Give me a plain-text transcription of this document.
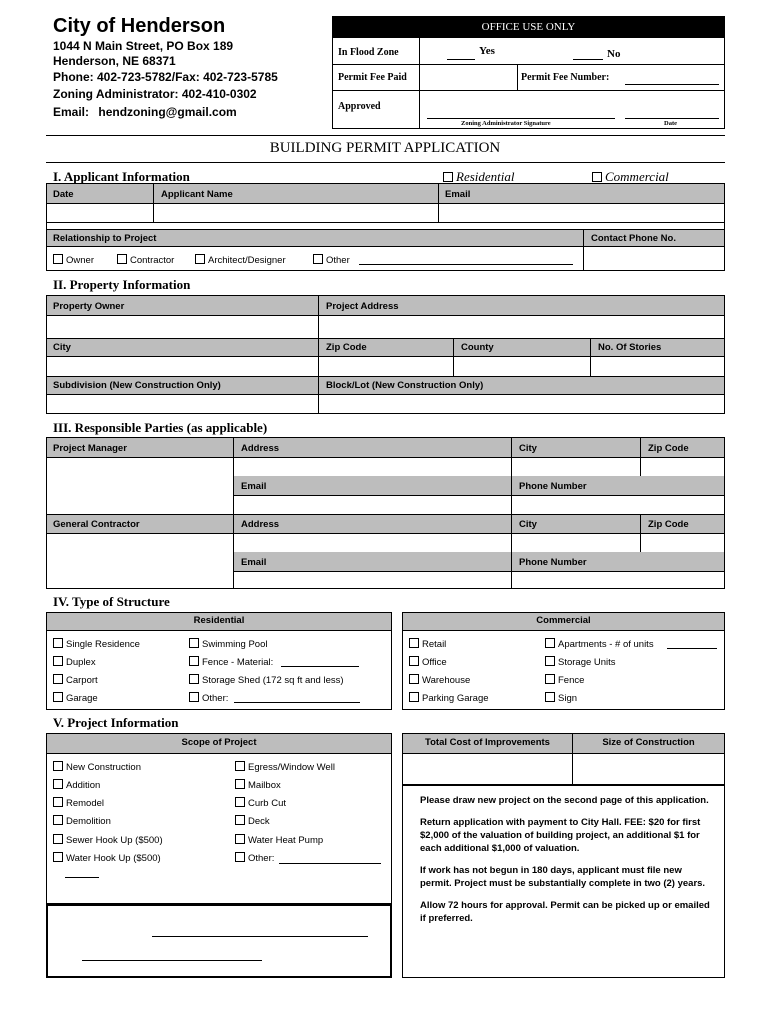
City of Henderson
1044 N Main Street, PO Box 189
Henderson, NE 68371
Phone: 402-723-5782/Fax: 402-723-5785
Zoning Administrator: 402-410-0302
Email: hendzoning@gmail.com
OFFICE USE ONLY
In Flood Zone	Yes	No
Permit Fee Paid	Permit Fee Number:
Approved
Zoning Administrator Signature	Date
BUILDING PERMIT APPLICATION
I. Applicant Information	Residential	Commercial
Date	Applicant Name	Email
Relationship to Project	Contact Phone No.
Owner	Contractor	Architect/Designer	Other
II. Property Information
Property Owner	Project Address
City	Zip Code	County	No. Of Stories
Subdivision (New Construction Only)	Block/Lot (New Construction Only)
III. Responsible Parties (as applicable)
Project Manager	Address	City	Zip Code
Email	Phone Number
General Contractor	Address	City	Zip Code
Email	Phone Number
IV. Type of Structure
Residential
Single Residence
Duplex
Carport
Garage
Swimming Pool
Fence - Material:
Storage Shed (172 sq ft and less)
Other:
Commercial
Retail
Office
Warehouse
Parking Garage
Apartments - # of units
Storage Units
Fence
Sign
V. Project Information
Scope of Project
New Construction
Addition
Remodel
Demolition
Sewer Hook Up ($500)
Water Hook Up ($500)
Egress/Window Well
Mailbox
Curb Cut
Deck
Water Heat Pump
Other:
Total Cost of Improvements	Size of Construction
Please draw new project on the second page of this application.
Return application with payment to City Hall. FEE: $20 for first $2,000 of the valuation of building project, an additional $1 for each additional $1,000 of valuation.
If work has not begun in 180 days, applicant must file new permit. Project must be substantially complete in two (2) years.
Allow 72 hours for approval. Permit can be picked up or emailed if preferred.
